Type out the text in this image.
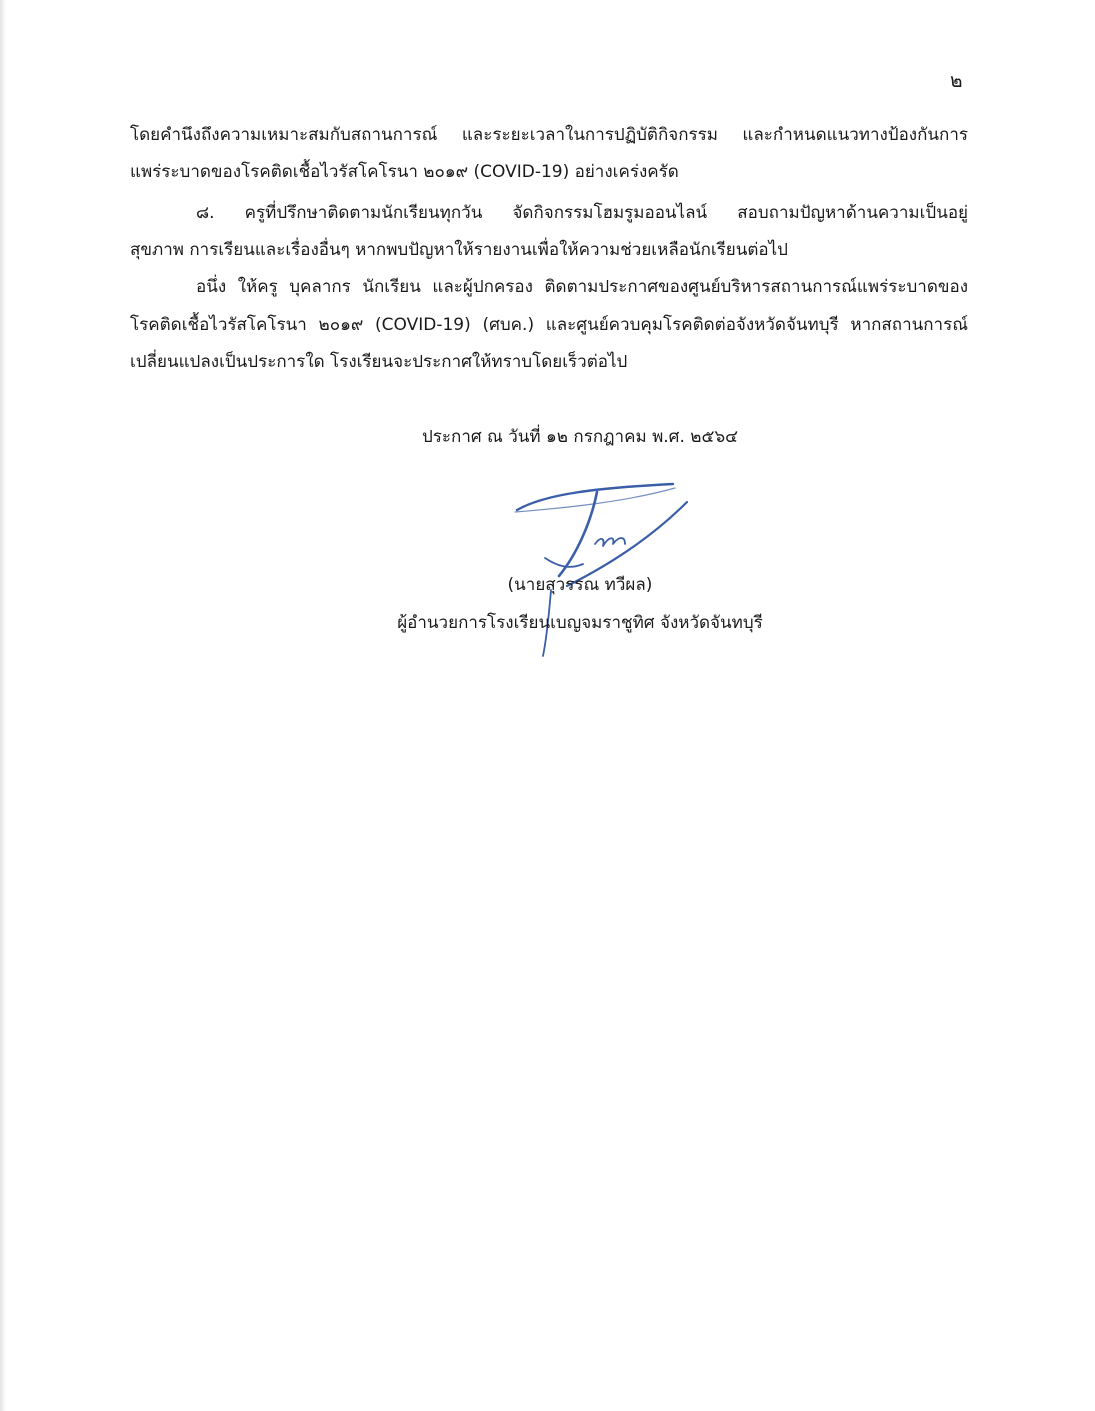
๒
โดยคำนึงถึงความเหมาะสมกับสถานการณ์ และระยะเวลาในการปฏิบัติกิจกรรม และกำหนดแนวทางป้องกันการ
แพร่ระบาดของโรคติดเชื้อไวรัสโคโรนา ๒๐๑๙ (COVID-19) อย่างเคร่งครัด
๘. ครูที่ปรึกษาติดตามนักเรียนทุกวัน จัดกิจกรรมโฮมรูมออนไลน์ สอบถามปัญหาด้านความเป็นอยู่
สุขภาพ การเรียนและเรื่องอื่นๆ หากพบปัญหาให้รายงานเพื่อให้ความช่วยเหลือนักเรียนต่อไป
อนึ่ง ให้ครู บุคลากร นักเรียน และผู้ปกครอง ติดตามประกาศของศูนย์บริหารสถานการณ์แพร่ระบาดของ
โรคติดเชื้อไวรัสโคโรนา ๒๐๑๙ (COVID-19) (ศบค.) และศูนย์ควบคุมโรคติดต่อจังหวัดจันทบุรี หากสถานการณ์
เปลี่ยนแปลงเป็นประการใด โรงเรียนจะประกาศให้ทราบโดยเร็วต่อไป
ประกาศ ณ วันที่ ๑๒ กรกฎาคม พ.ศ. ๒๕๖๔
(นายสุวรรณ ทวีผล)
ผู้อำนวยการโรงเรียนเบญจมราชูทิศ จังหวัดจันทบุรี
